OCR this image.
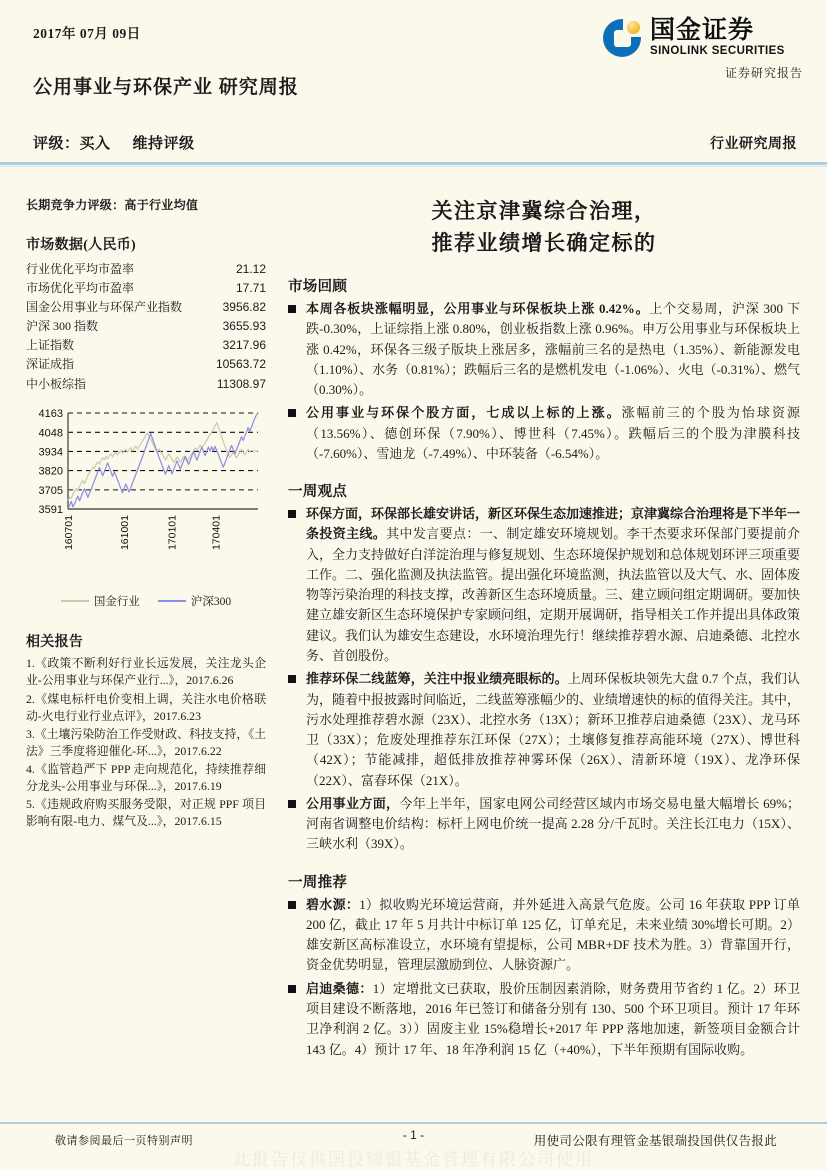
2017年 07月 09日
公用事业与环保产业 研究周报
评级：买入 维持评级	行业研究周报
国金证券
SINOLINK SECURITIES
证券研究报告
长期竞争力评级：高于行业均值
市场数据(人民币)
行业优化平均市盈率	21.12
市场优化平均市盈率	17.71
国金公用事业与环保产业指数	3956.82
沪深 300 指数	3655.93
上证指数	3217.96
深证成指	10563.72
中小板综指	11308.97
3591
3705
3820
3934
4048
4163
160701	161001	170101	170401
国金行业	沪深300
相关报告
1.《政策不断利好行业长远发展，关注龙头企业-公用事业与环保产业行...》，2017.6.26
2.《煤电标杆电价变相上调，关注水电价格联动-火电行业行业点评》，2017.6.23
3.《土壤污染防治工作受财政、科技支持，《土法》三季度将迎催化-环...》，2017.6.22
4.《监管趋严下 PPP 走向规范化，持续推荐细分龙头-公用事业与环保...》，2017.6.19
5.《违规政府购买服务受限，对正规 PPF 项目影响有限-电力、煤气及...》，2017.6.15
关注京津冀综合治理，
推荐业绩增长确定标的
市场回顾
本周各板块涨幅明显，公用事业与环保板块上涨 0.42%。上个交易周，沪深 300 下跌-0.30%，上证综指上涨 0.80%，创业板指数上涨 0.96%。申万公用事业与环保板块上涨 0.42%，环保各三级子版块上涨居多，涨幅前三名的是热电（1.35%）、新能源发电（1.10%）、水务（0.81%）；跌幅后三名的是燃机发电（-1.06%）、火电（-0.31%）、燃气（0.30%）。
公用事业与环保个股方面，七成以上标的上涨。涨幅前三的个股为怡球资源（13.56%）、德创环保（7.90%）、博世科（7.45%）。跌幅后三的个股为津膜科技（-7.60%）、雪迪龙（-7.49%）、中环装备（-6.54%）。
一周观点
环保方面，环保部长雄安讲话，新区环保生态加速推进；京津冀综合治理将是下半年一条投资主线。其中发言要点：一、制定雄安环境规划。李干杰要求环保部门要提前介入，全力支持做好白洋淀治理与修复规划、生态环境保护规划和总体规划环评三项重要工作。二、强化监测及执法监管。提出强化环境监测，执法监管以及大气、水、固体废物等污染治理的科技支撑，改善新区生态环境质量。三、建立顾问组定期调研。要加快建立雄安新区生态环境保护专家顾问组，定期开展调研，指导相关工作并提出具体政策建议。我们认为雄安生态建设，水环境治理先行！继续推荐碧水源、启迪桑德、北控水务、首创股份。
推荐环保二线蓝筹，关注中报业绩亮眼标的。上周环保板块领先大盘 0.7 个点，我们认为，随着中报披露时间临近，二线蓝筹涨幅少的、业绩增速快的标的值得关注。其中，污水处理推荐碧水源（23X）、北控水务（13X）；新环卫推荐启迪桑德（23X）、龙马环卫（33X）；危废处理推荐东江环保（27X）；土壤修复推荐高能环境（27X）、博世科（42X）；节能减排，超低排放推荐神雾环保（26X）、清新环境（19X）、龙净环保（22X）、富春环保（21X）。
公用事业方面，今年上半年，国家电网公司经营区域内市场交易电量大幅增长 69%；河南省调整电价结构：标杆上网电价统一提高 2.28 分/千瓦时。关注长江电力（15X）、三峡水利（39X）。
一周推荐
碧水源：1）拟收购光环境运营商，并外延进入高景气危废。公司 16 年获取 PPP 订单 200 亿，截止 17 年 5 月共计中标订单 125 亿，订单充足，未来业绩 30%增长可期。2）雄安新区高标准设立，水环境有望提标，公司 MBR+DF 技术为胜。3）背靠国开行，资金优势明显，管理层激励到位、人脉资源广。
启迪桑德：1）定增批文已获取，股价压制因素消除，财务费用节省约 1 亿。2）环卫项目建设不断落地，2016 年已签订和储备分别有 130、500 个环卫项目。预计 17 年环卫净利润 2 亿。3））固废主业 15%稳增长+2017 年 PPP 落地加速，新签项目金额合计 143 亿。4）预计 17 年、18 年净利润 15 亿（+40%），下半年预期有国际收购。
敬请参阅最后一页特别声明	- 1 -	用使司公限有理管金基银瑞投国供仅告报此
此报告仅供国投瑞银基金管理有限公司使用
